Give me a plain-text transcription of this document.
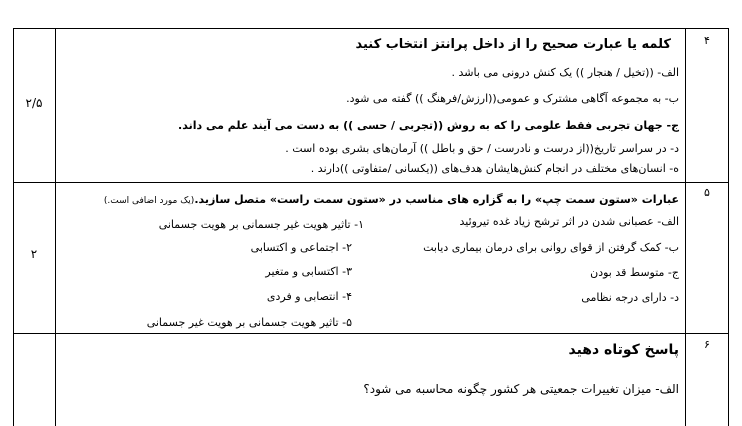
۴
۲/۵
کلمه یا عبارت صحیح را از داخل پرانتز انتخاب کنید
الف- ((تخیل / هنجار )) یک کنش درونی می باشد .
ب- به مجموعه آگاهی مشترک و عمومی((ارزش/فرهنگ )) گفته می شود.
ج- جهان تجربی فقط علومی را که به روش ((تجربی / حسی )) به دست می آیند علم می داند.
د- در سراسر تاریخ((از درست و نادرست / حق و باطل )) آرمان‌های بشری بوده است .
ه- انسان‌های مختلف در انجام کنش‌هایشان هدف‌های ((یکسانی /متفاوتی ))دارند .
۵
۲
عبارات «ستون سمت چپ» را به گزاره های مناسب در «ستون سمت راست» متصل سازید.(یک مورد اضافی است.)
الف- عصبانی شدن در اثر ترشح زیاد غده تیروئید
ب- کمک گرفتن از قوای روانی برای درمان بیماری دیابت
ج- متوسط قد بودن
د- دارای درجه نظامی
۱- تاثیر هویت غیر جسمانی بر هویت جسمانی
۲- اجتماعی و اکتسابی
۳- اکتسابی و متغیر
۴- انتصابی و فردی
۵- تاثیر هویت جسمانی بر هویت غیر جسمانی
۶
پاسخ کوتاه دهید
الف- میزان تغییرات جمعیتی هر کشور چگونه محاسبه می شود؟
